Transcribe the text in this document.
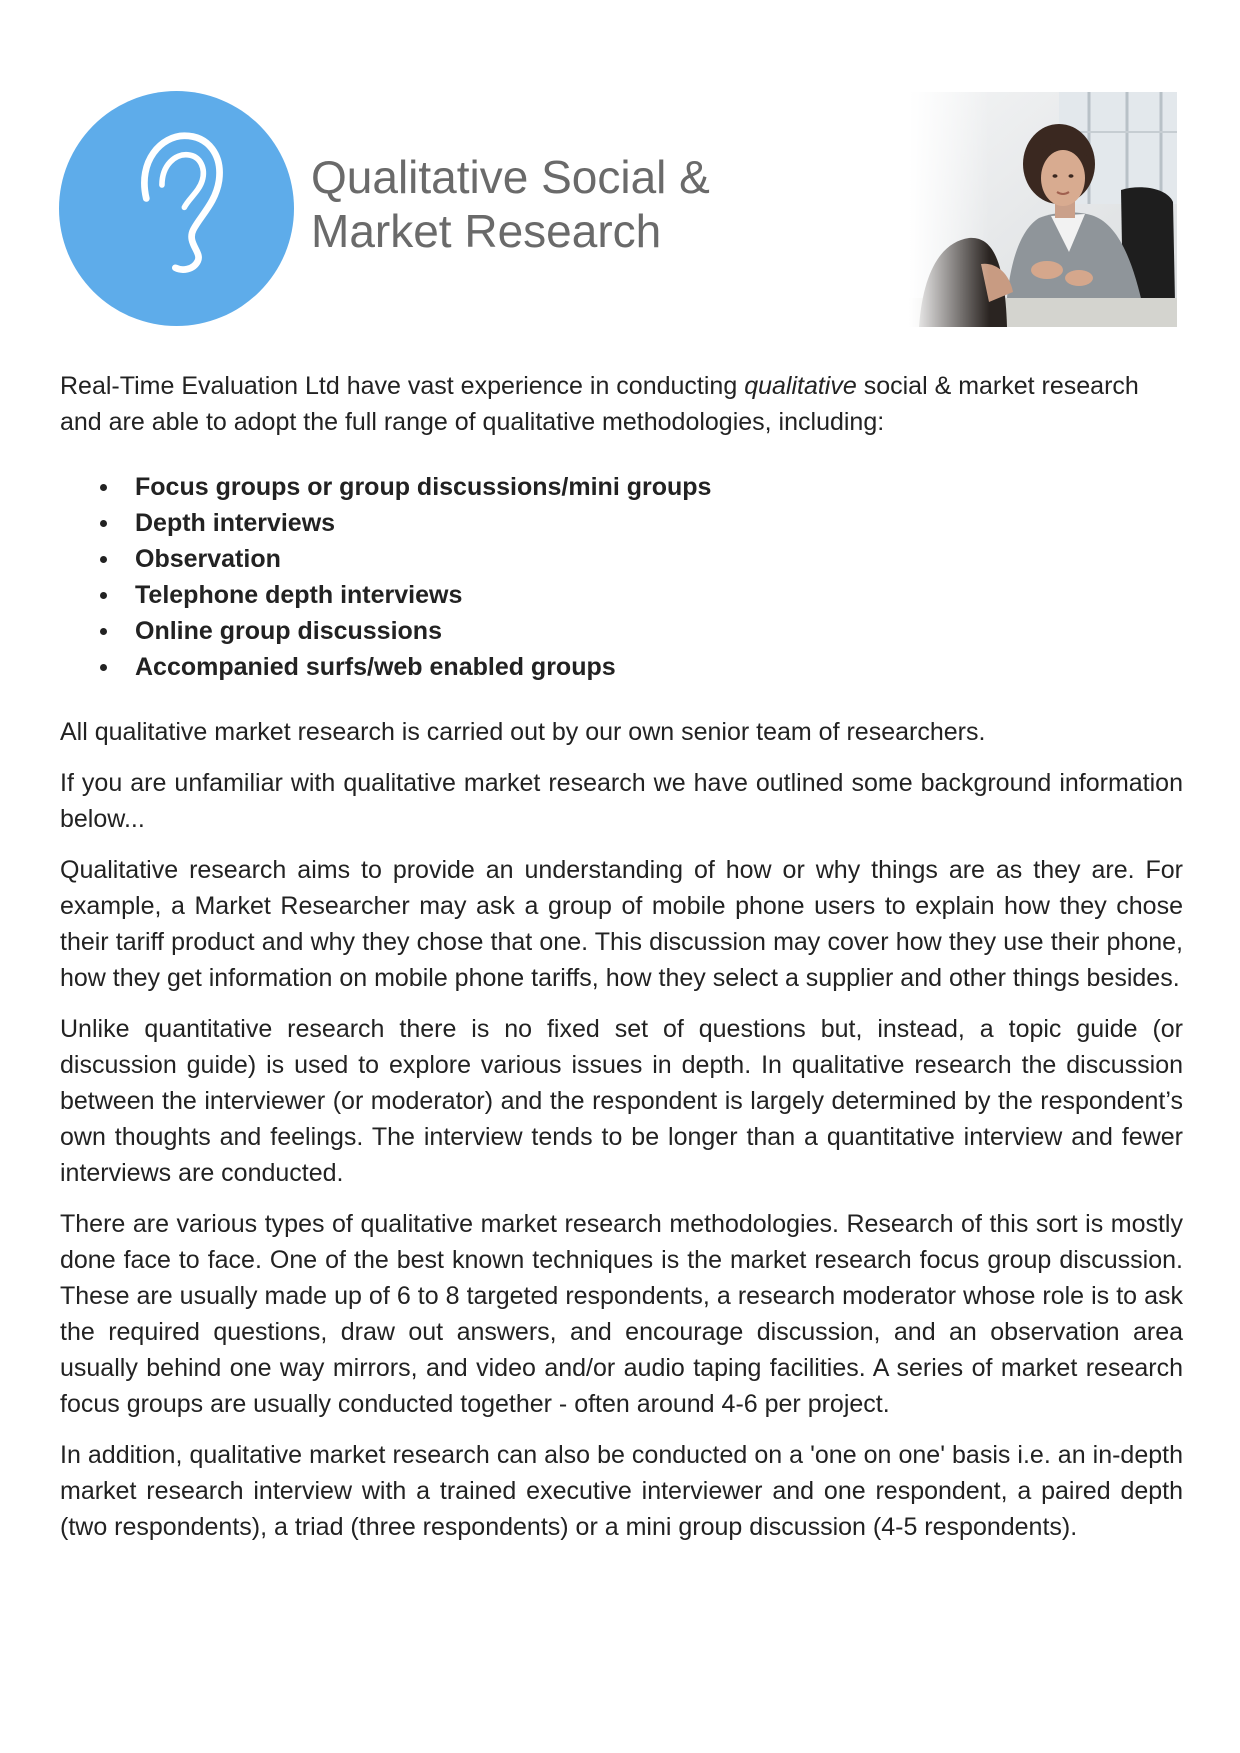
Qualitative Social &
Market Research

Real-Time Evaluation Ltd have vast experience in conducting qualitative social & market research and are able to adopt the full range of qualitative methodologies, including:

Focus groups or group discussions/mini groups
Depth interviews
Observation
Telephone depth interviews
Online group discussions
Accompanied surfs/web enabled groups

All qualitative market research is carried out by our own senior team of researchers.

If you are unfamiliar with qualitative market research we have outlined some background information below...

Qualitative research aims to provide an understanding of how or why things are as they are. For example, a Market Researcher may ask a group of mobile phone users to explain how they chose their tariff product and why they chose that one. This discussion may cover how they use their phone, how they get information on mobile phone tariffs, how they select a supplier and other things besides.

Unlike quantitative research there is no fixed set of questions but, instead, a topic guide (or discussion guide) is used to explore various issues in depth. In qualitative research the discussion between the interviewer (or moderator) and the respondent is largely determined by the respondent’s own thoughts and feelings. The interview tends to be longer than a quantitative interview and fewer interviews are conducted.

There are various types of qualitative market research methodologies. Research of this sort is mostly done face to face. One of the best known techniques is the market research focus group discussion. These are usually made up of 6 to 8 targeted respondents, a research moderator whose role is to ask the required questions, draw out answers, and encourage discussion, and an observation area usually behind one way mirrors, and video and/or audio taping facilities. A series of market research focus groups are usually conducted together - often around 4-6 per project.

In addition, qualitative market research can also be conducted on a 'one on one' basis i.e. an in-depth market research interview with a trained executive interviewer and one respondent, a paired depth (two respondents), a triad (three respondents) or a mini group discussion (4-5 respondents).
